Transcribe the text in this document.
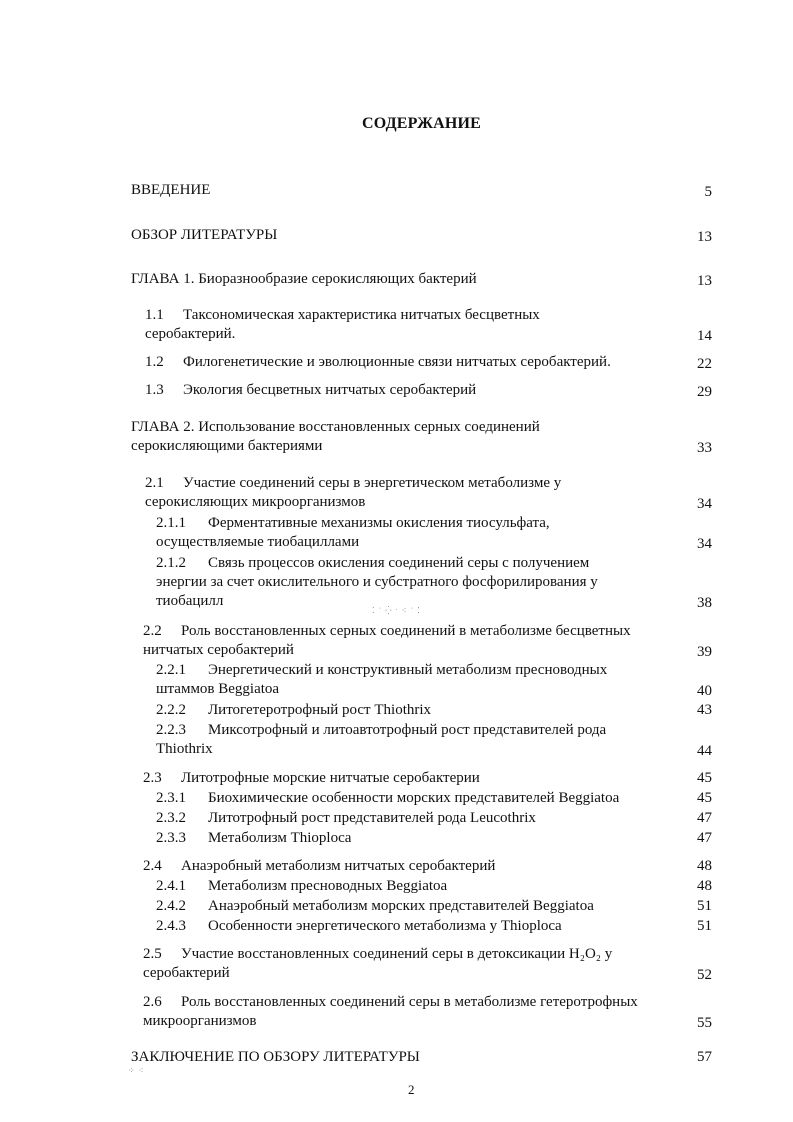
СОДЕРЖАНИЕ
ВВЕДЕНИЕ	5
ОБЗОР ЛИТЕРАТУРЫ	13
ГЛАВА 1. Биоразнообразие серокисляющих бактерий	13
1.1 Таксономическая характеристика нитчатых бесцветных
серобактерий.	14
1.2 Филогенетические и эволюционные связи нитчатых серобактерий.	22
1.3 Экология бесцветных нитчатых серобактерий	29
ГЛАВА 2. Использование восстановленных серных соединений
серокисляющими бактериями	33
2.1 Участие соединений серы в энергетическом метаболизме у
серокисляющих микроорганизмов	34
2.1.1 Ферментативные механизмы окисления тиосульфата,
осуществляемые тиобациллами	34
2.1.2 Связь процессов окисления соединений серы с получением
энергии за счет окислительного и субстратного фосфорилирования у
тиобацилл	38
2.2 Роль восстановленных серных соединений в метаболизме бесцветных
нитчатых серобактерий	39
2.2.1 Энергетический и конструктивный метаболизм пресноводных
штаммов Beggiatoa	40
2.2.2 Литогетеротрофный рост Thiothrix	43
2.2.3 Миксотрофный и литоавтотрофный рост представителей рода
Thiothrix	44
2.3 Литотрофные морские нитчатые серобактерии	45
2.3.1 Биохимические особенности морских представителей Beggiatoa	45
2.3.2 Литотрофный рост представителей рода Leucothrix	47
2.3.3 Метаболизм Thioploca	47
2.4 Анаэробный метаболизм нитчатых серобактерий	48
2.4.1 Метаболизм пресноводных Beggiatoa	48
2.4.2 Анаэробный метаболизм морских представителей Beggiatoa	51
2.4.3 Особенности энергетического метаболизма у Thioploca	51
2.5 Участие восстановленных соединений серы в детоксикации H₂O₂ у
серобактерий	52
2.6 Роль восстановленных соединений серы в метаболизме гетеротрофных
микроорганизмов	55
ЗАКЛЮЧЕНИЕ ПО ОБЗОРУ ЛИТЕРАТУРЫ	57
⁚ ˙ ⁛ ˑ ⁖ ˙ ⁚
⁘ ⁖
2
